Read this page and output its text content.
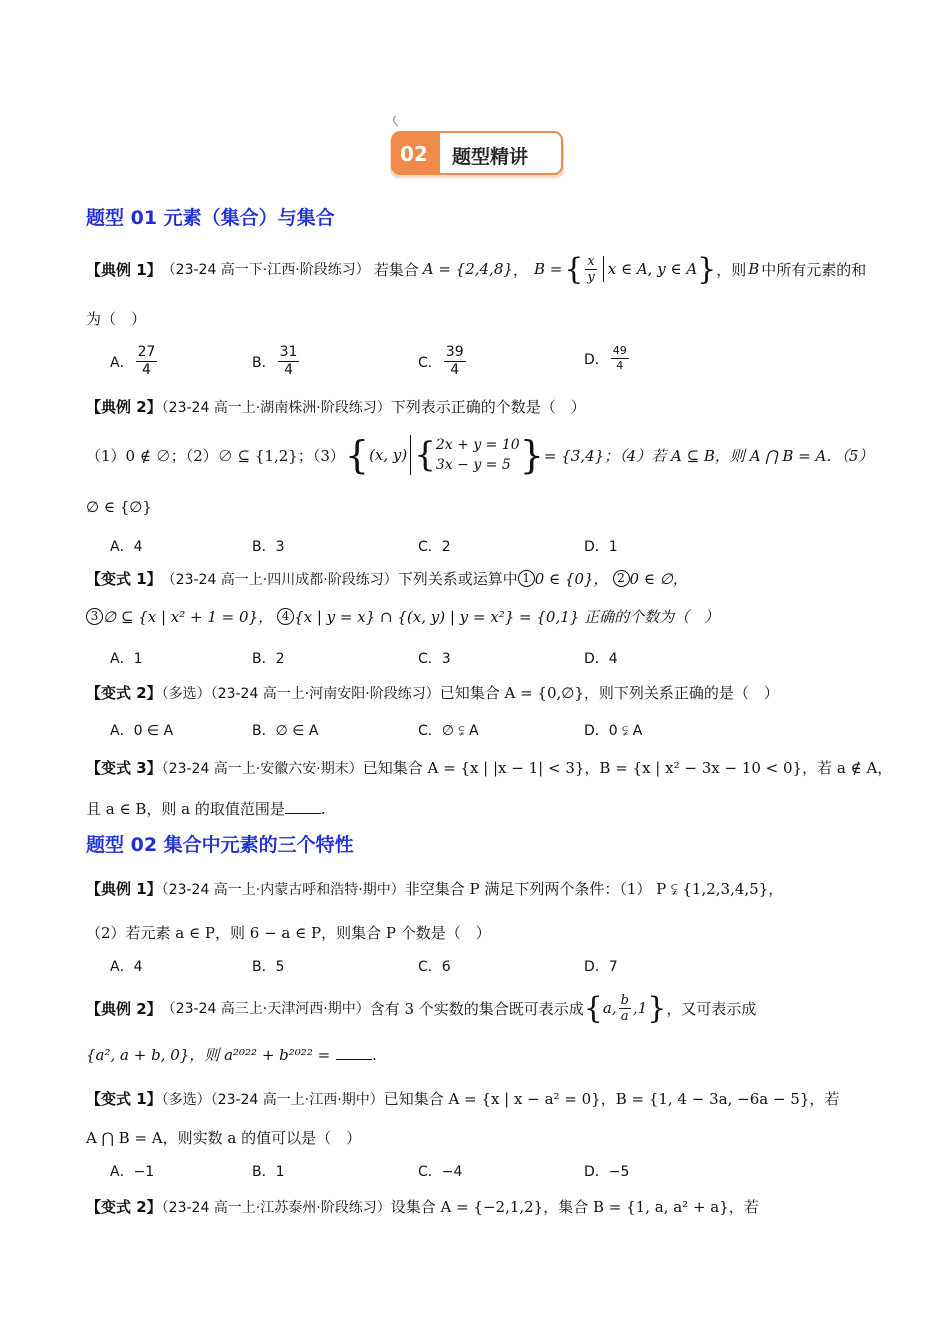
02 题型精讲
题型 01 元素（集合）与集合
【典例 1】 （23-24 高一下·江西·阶段练习） 若集合 A = {2,4,8} ， B = { $\frac{x}{y}$ x ∈ A, y ∈ A } ，则 B 中所有元素的和
为（　）
A． $\frac{27}{4}$	B． $\frac{31}{4}$	C． $\frac{39}{4}$	D． $\frac{49}{4}$
【典例 2】（23-24 高一上·湖南株洲·阶段练习）下列表示正确的个数是（　）
（1）0 ∉ ∅；（2）∅ ⊆ {1,2}；（3） { (x, y) { 2x + y = 10
3x − y = 5 } = {3,4}；（4）若 A ⊆ B，则 A ⋂ B = A．（5）
∅ ∈ {∅}
A．4	B．3	C．2	D．1
【变式 1】 （23-24 高一上·四川成都·阶段练习） 下列关系或运算中 1 0 ∈ {0}， 2 0 ∈ ∅，
3 ∅ ⊆ {x | x² + 1 = 0}， 4 {x | y = x} ∩ {(x, y) | y = x²} = {0,1} 正确的个数为（　）
A．1	B．2	C．3	D．4
【变式 2】（多选）（23-24 高一上·河南安阳·阶段练习）已知集合 A = {0,∅}，则下列关系正确的是（　）
A．0 ∈ A	B．∅ ∈ A	C．∅ ⫋ A	D．0 ⫋ A
【变式 3】（23-24 高一上·安徽六安·期末）已知集合 A = {x | |x − 1| < 3}，B = {x | x² − 3x − 10 < 0}，若 a ∉ A，
且 a ∈ B，则 a 的取值范围是 .
题型 02 集合中元素的三个特性
【典例 1】（23-24 高一上·内蒙古呼和浩特·期中）非空集合 P 满足下列两个条件：（1） P ⫋ {1,2,3,4,5}，
（2）若元素 a ∈ P，则 6 − a ∈ P，则集合 P 个数是（　）
A．4	B．5	C．6	D．7
【典例 2】 （23-24 高三上·天津河西·期中） 含有 3 个实数的集合既可表示成 { a, $\frac{b}{a} ,1$ } ，又可表示成
{a², a + b, 0}，则 a²⁰²² + b²⁰²² =	.
【变式 1】（多选）（23-24 高一上·江西·期中）已知集合 A = {x | x − a² = 0}，B = {1, 4 − 3a, −6a − 5}，若
A ⋂ B = A，则实数 a 的值可以是（　）
A．−1	B．1	C．−4	D．−5
【变式 2】（23-24 高一上·江苏泰州·阶段练习）设集合 A = {−2,1,2}，集合 B = {1, a, a² + a}，若
